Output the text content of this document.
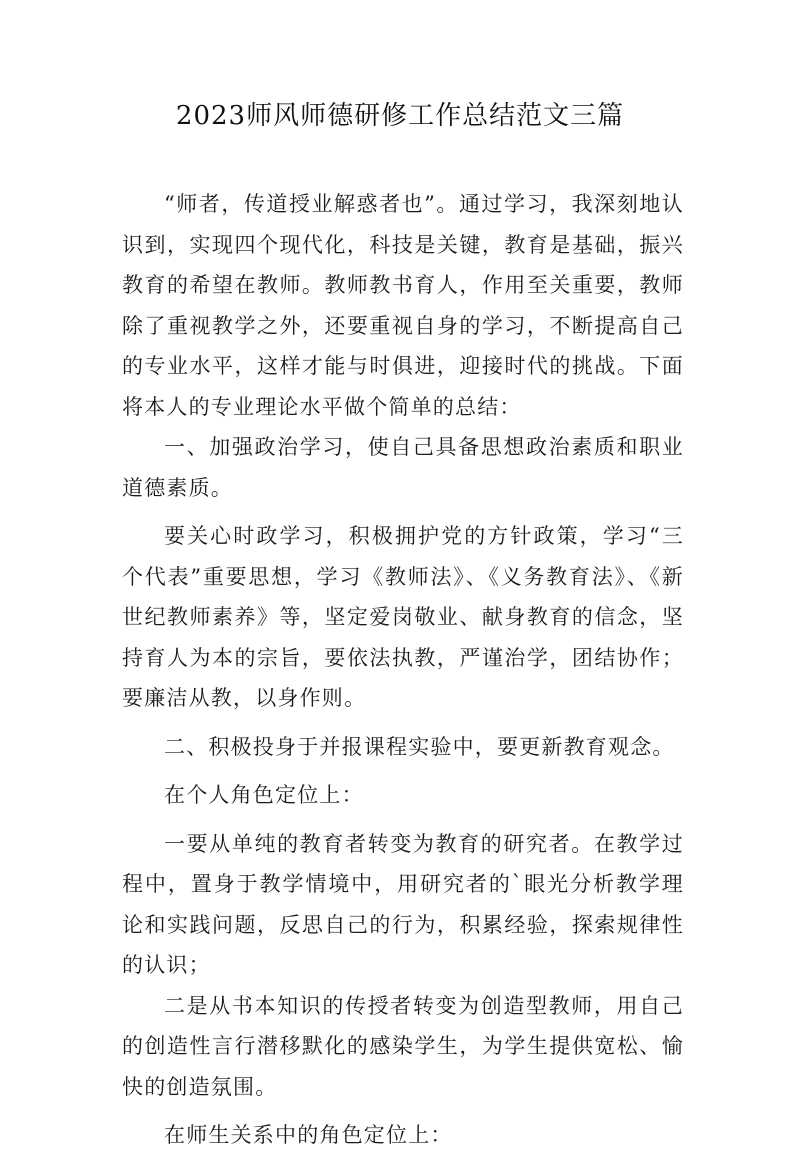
2023师风师德研修工作总结范文三篇

“师者，传道授业解惑者也”。通过学习，我深刻地认识到，实现四个现代化，科技是关键，教育是基础，振兴教育的希望在教师。教师教书育人，作用至关重要，教师除了重视教学之外，还要重视自身的学习，不断提高自己的专业水平，这样才能与时俱进，迎接时代的挑战。下面将本人的专业理论水平做个简单的总结：

一、加强政治学习，使自己具备思想政治素质和职业道德素质。

要关心时政学习，积极拥护党的方针政策，学习“三个代表”重要思想，学习《教师法》、《义务教育法》、《新世纪教师素养》等，坚定爱岗敬业、献身教育的信念，坚持育人为本的宗旨，要依法执教，严谨治学，团结协作；要廉洁从教，以身作则。

二、积极投身于并报课程实验中，要更新教育观念。

在个人角色定位上：

一要从单纯的教育者转变为教育的研究者。在教学过程中，置身于教学情境中，用研究者的`眼光分析教学理论和实践问题，反思自己的行为，积累经验，探索规律性的认识；

二是从书本知识的传授者转变为创造型教师，用自己的创造性言行潜移默化的感染学生，为学生提供宽松、愉快的创造氛围。

在师生关系中的角色定位上：
